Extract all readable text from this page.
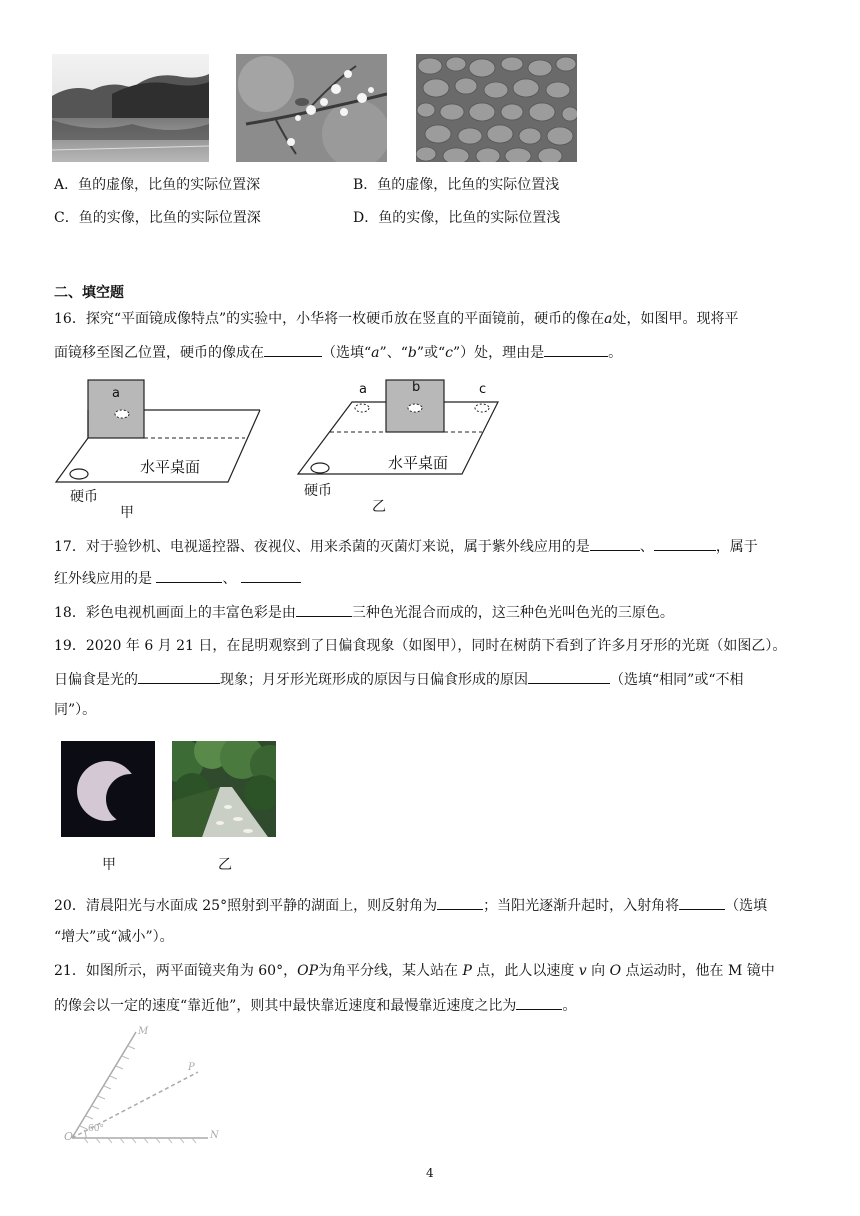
A．鱼的虚像，比鱼的实际位置深	B．鱼的虚像，比鱼的实际位置浅
C．鱼的实像，比鱼的实际位置深	D．鱼的实像，比鱼的实际位置浅
二、填空题
16．探究“平面镜成像特点”的实验中，小华将一枚硬币放在竖直的平面镜前，硬币的像在a处，如图甲。现将平
面镜移至图乙位置，硬币的像成在	（选填“a”、“b”或“c”）处，理由是	。
a
水平桌面
硬币
甲
a	b	c
水平桌面
硬币
乙
17．对于验钞机、电视遥控器、夜视仪、用来杀菌的灭菌灯来说，属于紫外线应用的是	、	，属于
红外线应用的是	、
18．彩色电视机画面上的丰富色彩是由	三种色光混合而成的，这三种色光叫色光的三原色。
19．2020 年 6 月 21 日，在昆明观察到了日偏食现象（如图甲），同时在树荫下看到了许多月牙形的光斑（如图乙）。
日偏食是光的	现象；月牙形光斑形成的原因与日偏食形成的原因	（选填“相同”或“不相
同”）。
甲	乙
20．清晨阳光与水面成 25°照射到平静的湖面上，则反射角为	；当阳光逐渐升起时，入射角将	（选填
“增大”或“减小”）。
21．如图所示，两平面镜夹角为 60°，OP为角平分线，某人站在 P 点，此人以速度 v 向 O 点运动时，他在 M 镜中
的像会以一定的速度“靠近他”，则其中最快靠近速度和最慢靠近速度之比为	。
M
P
O
60°
N
4
